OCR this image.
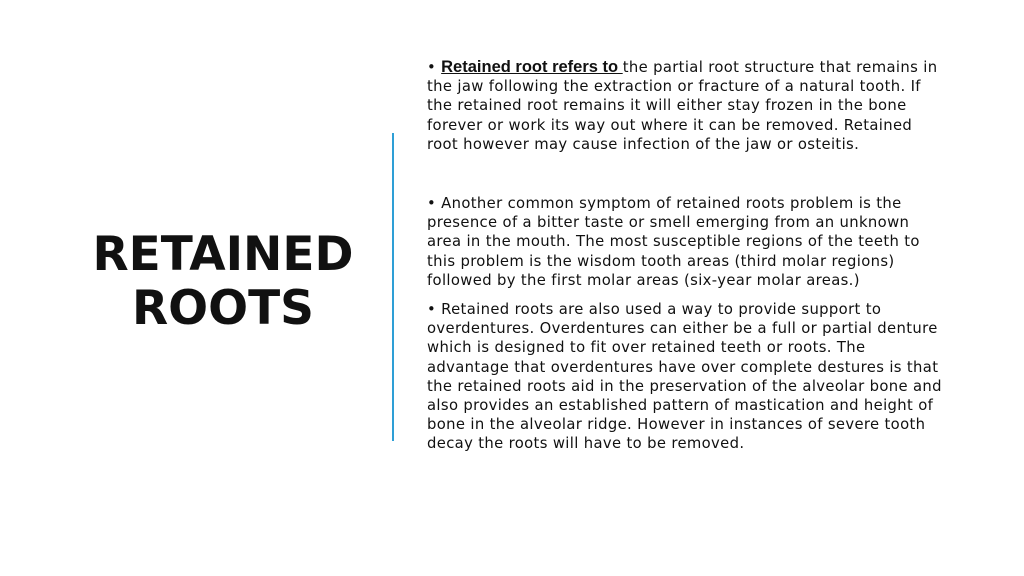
RETAINED
ROOTS

• Retained root refers to the partial root structure that remains in the jaw following the extraction or fracture of a natural tooth. If the retained root remains it will either stay frozen in the bone forever or work its way out where it can be removed. Retained root however may cause infection of the jaw or osteitis.

• Another common symptom of retained roots problem is the presence of a bitter taste or smell emerging from an unknown area in the mouth. The most susceptible regions of the teeth to this problem is the wisdom tooth areas (third molar regions) followed by the first molar areas (six-year molar areas.)

• Retained roots are also used a way to provide support to overdentures. Overdentures can either be a full or partial denture which is designed to fit over retained teeth or roots. The advantage that overdentures have over complete destures is that the retained roots aid in the preservation of the alveolar bone and also provides an established pattern of mastication and height of bone in the alveolar ridge. However in instances of severe tooth decay the roots will have to be removed.
